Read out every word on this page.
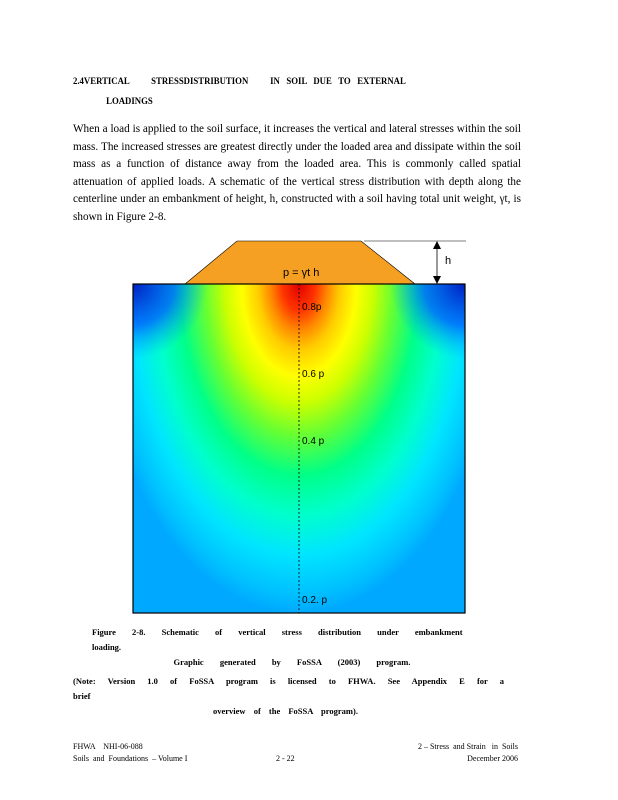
2.4VERTICAL          STRESSDISTRIBUTION          IN   SOIL   DUE   TO   EXTERNAL
LOADINGS

When a load is applied to the soil surface, it increases the vertical and lateral stresses within the soil mass. The increased stresses are greatest directly under the loaded area and dissipate within the soil mass as a function of distance away from the loaded area. This is commonly called spatial attenuation of applied loads. A schematic of the vertical stress distribution with depth along the centerline under an embankment of height, h, constructed with a soil having total unit weight, γt, is shown in Figure 2-8.

p = γt h
h
0.8p
0.6 p
0.4 p
0.2. p
Figure 2-8. Schematic of vertical stress distribution under embankment loading.
Graphic generated by FoSSA (2003) program.
(Note: Version 1.0 of FoSSA program is licensed to FHWA. See Appendix E for a brief
overview of the FoSSA program).
FHWA    NHI-06-088
Soils  and  Foundations  – Volume I	2 - 22
2 – Stress  and Strain   in  Soils
December 2006
